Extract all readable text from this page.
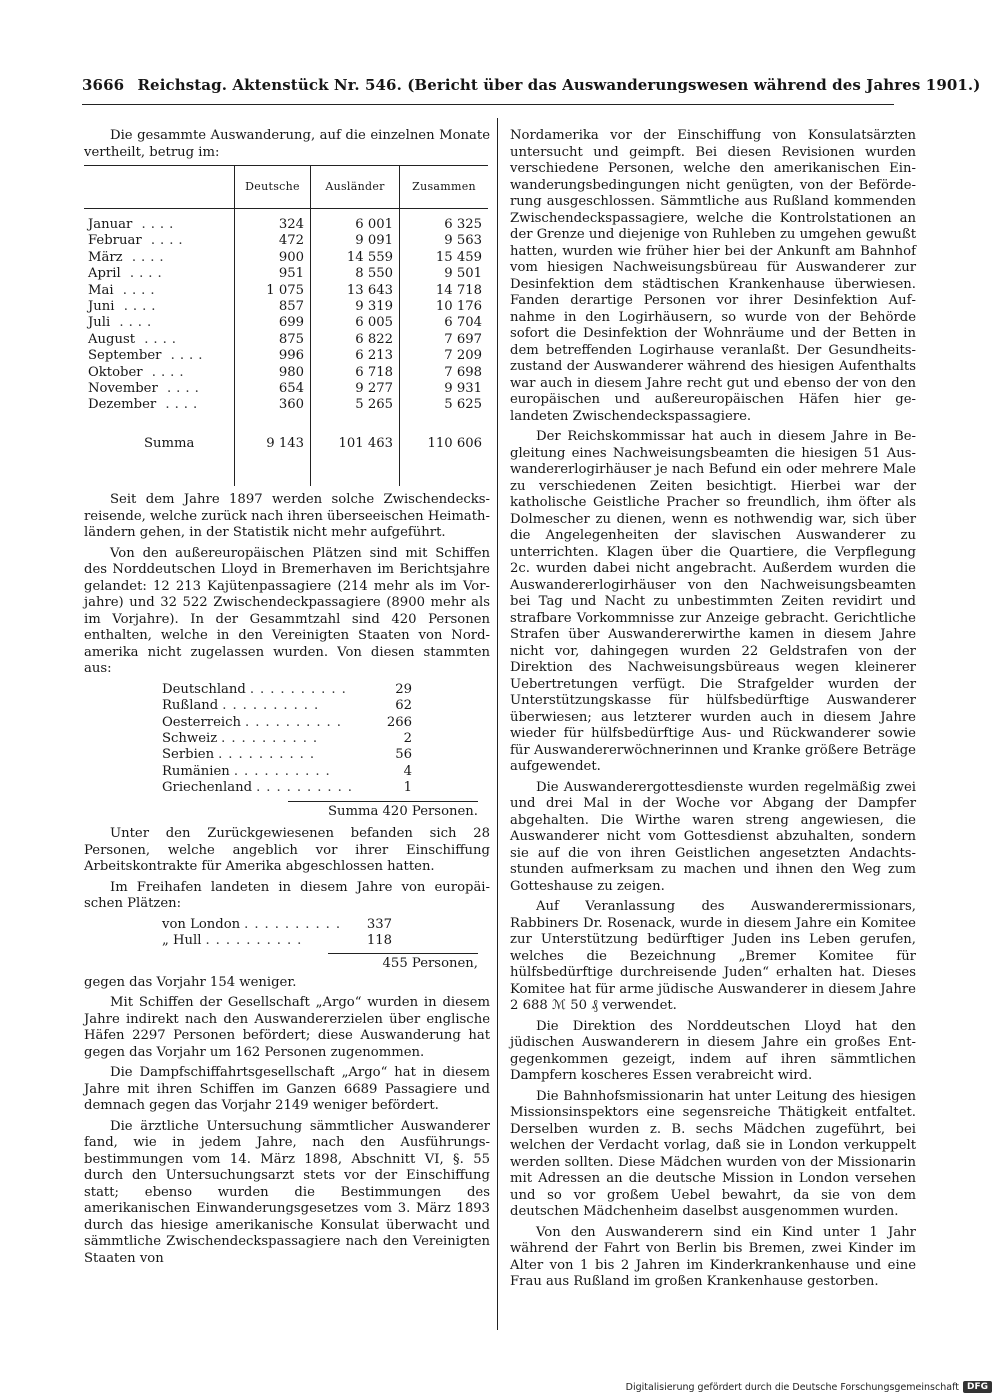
3666 Reichstag. Aktenstück Nr. 546. (Bericht über das Auswanderungswesen während des Jahres 1901.)

Die gesammte Auswanderung, auf die einzelnen Monate vertheilt, betrug im:

	Deutsche	Ausländer	Zusammen
Januar ....	324	6 001	6 325
Februar ....	472	9 091	9 563
März ....	900	14 559	15 459
April ....	951	8 550	9 501
Mai ....	1 075	13 643	14 718
Juni ....	857	9 319	10 176
Juli ....	699	6 005	6 704
August ....	875	6 822	7 697
September ....	996	6 213	7 209
Oktober ....	980	6 718	7 698
November ....	654	9 277	9 931
Dezember ....	360	5 265	5 625
Summa	9 143	101 463	110 606

Seit dem Jahre 1897 werden solche Zwischendecksreisende, welche zurück nach ihren überseeischen Heimathländern gehen, in der Statistik nicht mehr aufgeführt.

Von den außereuropäischen Plätzen sind mit Schiffen des Norddeutschen Lloyd in Bremerhaven im Berichtsjahre gelandet: 12 213 Kajütenpassagiere (214 mehr als im Vorjahre) und 32 522 Zwischendeckpassagiere (8900 mehr als im Vorjahre). In der Gesammtzahl sind 420 Personen enthalten, welche in den Vereinigten Staaten von Nordamerika nicht zugelassen wurden. Von diesen stammten aus:

Deutschland ..........	29
Rußland ..........	62
Oesterreich ..........	266
Schweiz ..........	2
Serbien ..........	56
Rumänien ..........	4
Griechenland ..........	1
Summa 420 Personen.

Unter den Zurückgewiesenen befanden sich 28 Personen, welche angeblich vor ihrer Einschiffung Arbeitskontrakte für Amerika abgeschlossen hatten.

Im Freihafen landeten in diesem Jahre von europäischen Plätzen:

von London ..........	337
„ Hull ..........	118
455 Personen,

gegen das Vorjahr 154 weniger.

Mit Schiffen der Gesellschaft „Argo“ wurden in diesem Jahre indirekt nach den Auswandererzielen über englische Häfen 2297 Personen befördert; diese Auswanderung hat gegen das Vorjahr um 162 Personen zugenommen.

Die Dampfschiffahrtsgesellschaft „Argo“ hat in diesem Jahre mit ihren Schiffen im Ganzen 6689 Passagiere und demnach gegen das Vorjahr 2149 weniger befördert.

Die ärztliche Untersuchung sämmtlicher Auswanderer fand, wie in jedem Jahre, nach den Ausführungsbestimmungen vom 14. März 1898, Abschnitt VI, §. 55 durch den Untersuchungsarzt stets vor der Einschiffung statt; ebenso wurden die Bestimmungen des amerikanischen Einwanderungsgesetzes vom 3. März 1893 durch das hiesige amerikanische Konsulat überwacht und sämmtliche Zwischendeckspassagiere nach den Vereinigten Staaten von

Nordamerika vor der Einschiffung von Konsulatsärzten untersucht und geimpft. Bei diesen Revisionen wurden verschiedene Personen, welche den amerikanischen Einwanderungsbedingungen nicht genügten, von der Beförderung ausgeschlossen. Sämmtliche aus Rußland kommenden Zwischendeckspassagiere, welche die Kontrolstationen an der Grenze und diejenige von Ruhleben zu umgehen gewußt hatten, wurden wie früher hier bei der Ankunft am Bahnhof vom hiesigen Nachweisungsbüreau für Auswanderer zur Desinfektion dem städtischen Krankenhause überwiesen. Fanden derartige Personen vor ihrer Desinfektion Aufnahme in den Logirhäusern, so wurde von der Behörde sofort die Desinfektion der Wohnräume und der Betten in dem betreffenden Logirhause veranlaßt. Der Gesundheitszustand der Auswanderer während des hiesigen Aufenthalts war auch in diesem Jahre recht gut und ebenso der von den europäischen und außereuropäischen Häfen hier gelandeten Zwischendeckspassagiere.

Der Reichskommissar hat auch in diesem Jahre in Begleitung eines Nachweisungsbeamten die hiesigen 51 Auswandererlogirhäuser je nach Befund ein oder mehrere Male zu verschiedenen Zeiten besichtigt. Hierbei war der katholische Geistliche Pracher so freundlich, ihm öfter als Dolmescher zu dienen, wenn es nothwendig war, sich über die Angelegenheiten der slavischen Auswanderer zu unterrichten. Klagen über die Quartiere, die Verpflegung 2c. wurden dabei nicht angebracht. Außerdem wurden die Auswandererlogirhäuser von den Nachweisungsbeamten bei Tag und Nacht zu unbestimmten Zeiten revidirt und strafbare Vorkommnisse zur Anzeige gebracht. Gerichtliche Strafen über Auswandererwirthe kamen in diesem Jahre nicht vor, dahingegen wurden 22 Geldstrafen von der Direktion des Nachweisungsbüreaus wegen kleinerer Uebertretungen verfügt. Die Strafgelder wurden der Unterstützungskasse für hülfsbedürftige Auswanderer überwiesen; aus letzterer wurden auch in diesem Jahre wieder für hülfsbedürftige Aus- und Rückwanderer sowie für Auswandererwöchnerinnen und Kranke größere Beträge aufgewendet.

Die Auswanderergottesdienste wurden regelmäßig zwei und drei Mal in der Woche vor Abgang der Dampfer abgehalten. Die Wirthe waren streng angewiesen, die Auswanderer nicht vom Gottesdienst abzuhalten, sondern sie auf die von ihren Geistlichen angesetzten Andachtsstunden aufmerksam zu machen und ihnen den Weg zum Gotteshause zu zeigen.

Auf Veranlassung des Auswanderermissionars, Rabbiners Dr. Rosenack, wurde in diesem Jahre ein Komitee zur Unterstützung bedürftiger Juden ins Leben gerufen, welches die Bezeichnung „Bremer Komitee für hülfsbedürftige durchreisende Juden“ erhalten hat. Dieses Komitee hat für arme jüdische Auswanderer in diesem Jahre 2 688 ℳ 50 ₰ verwendet.

Die Direktion des Norddeutschen Lloyd hat den jüdischen Auswanderern in diesem Jahre ein großes Entgegenkommen gezeigt, indem auf ihren sämmtlichen Dampfern koscheres Essen verabreicht wird.

Die Bahnhofsmissionarin hat unter Leitung des hiesigen Missionsinspektors eine segensreiche Thätigkeit entfaltet. Derselben wurden z. B. sechs Mädchen zugeführt, bei welchen der Verdacht vorlag, daß sie in London verkuppelt werden sollten. Diese Mädchen wurden von der Missionarin mit Adressen an die deutsche Mission in London versehen und so vor großem Uebel bewahrt, da sie von dem deutschen Mädchenheim daselbst ausgenommen wurden.

Von den Auswanderern sind ein Kind unter 1 Jahr während der Fahrt von Berlin bis Bremen, zwei Kinder im Alter von 1 bis 2 Jahren im Kinderkrankenhause und eine Frau aus Rußland im großen Krankenhause gestorben.

Digitalisierung gefördert durch die Deutsche Forschungsgemeinschaft DFG
